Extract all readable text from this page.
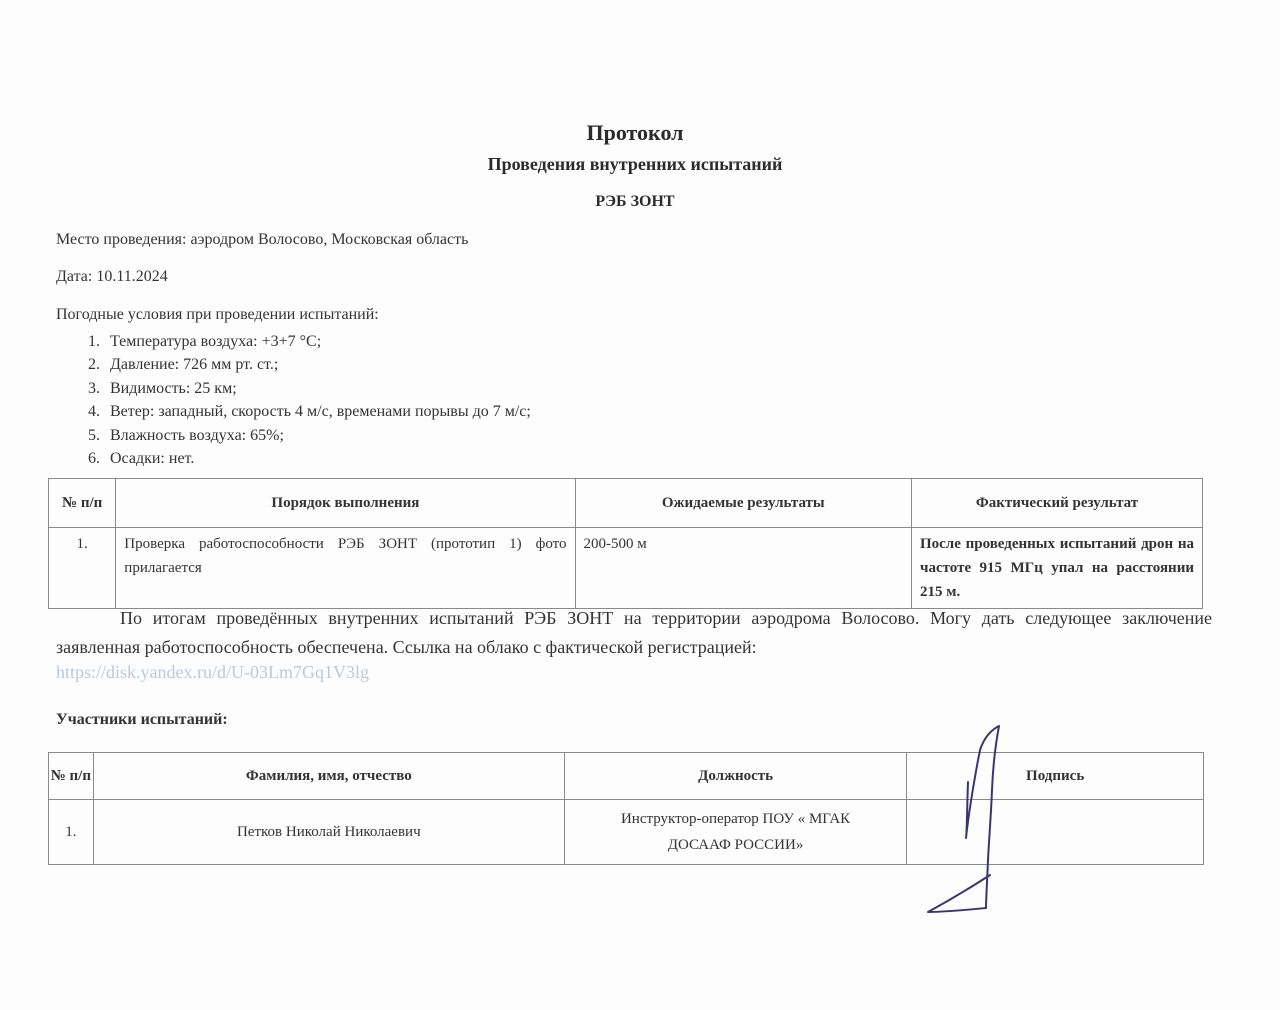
Протокол
Проведения внутренних испытаний
РЭБ ЗОНТ
Место проведения: аэродром Волосово, Московская область
Дата: 10.11.2024
Погодные условия при проведении испытаний:
1. Температура воздуха: +3+7 °С;
2. Давление: 726 мм рт. ст.;
3. Видимость: 25 км;
4. Ветер: западный, скорость 4 м/с, временами порывы до 7 м/с;
5. Влажность воздуха: 65%;
6. Осадки: нет.
№ п/п	Порядок выполнения	Ожидаемые результаты	Фактический результат
1.	Проверка работоспособности РЭБ ЗОНТ (прототип 1) фото прилагается	200-500 м	После проведенных испытаний дрон на частоте 915 МГц упал на расстоянии 215 м.
По итогам проведённых внутренних испытаний РЭБ ЗОНТ на территории аэродрома Волосово. Могу дать следующее заключение заявленная работоспособность обеспечена. Ссылка на облако с фактической регистрацией:
https://disk.yandex.ru/d/U-03Lm7Gq1V3lg
Участники испытаний:
№ п/п	Фамилия, имя, отчество	Должность	Подпись
1.	Петков Николай Николаевич	Инструктор-оператор ПОУ « МГАК
ДОСААФ РОССИИ»	
